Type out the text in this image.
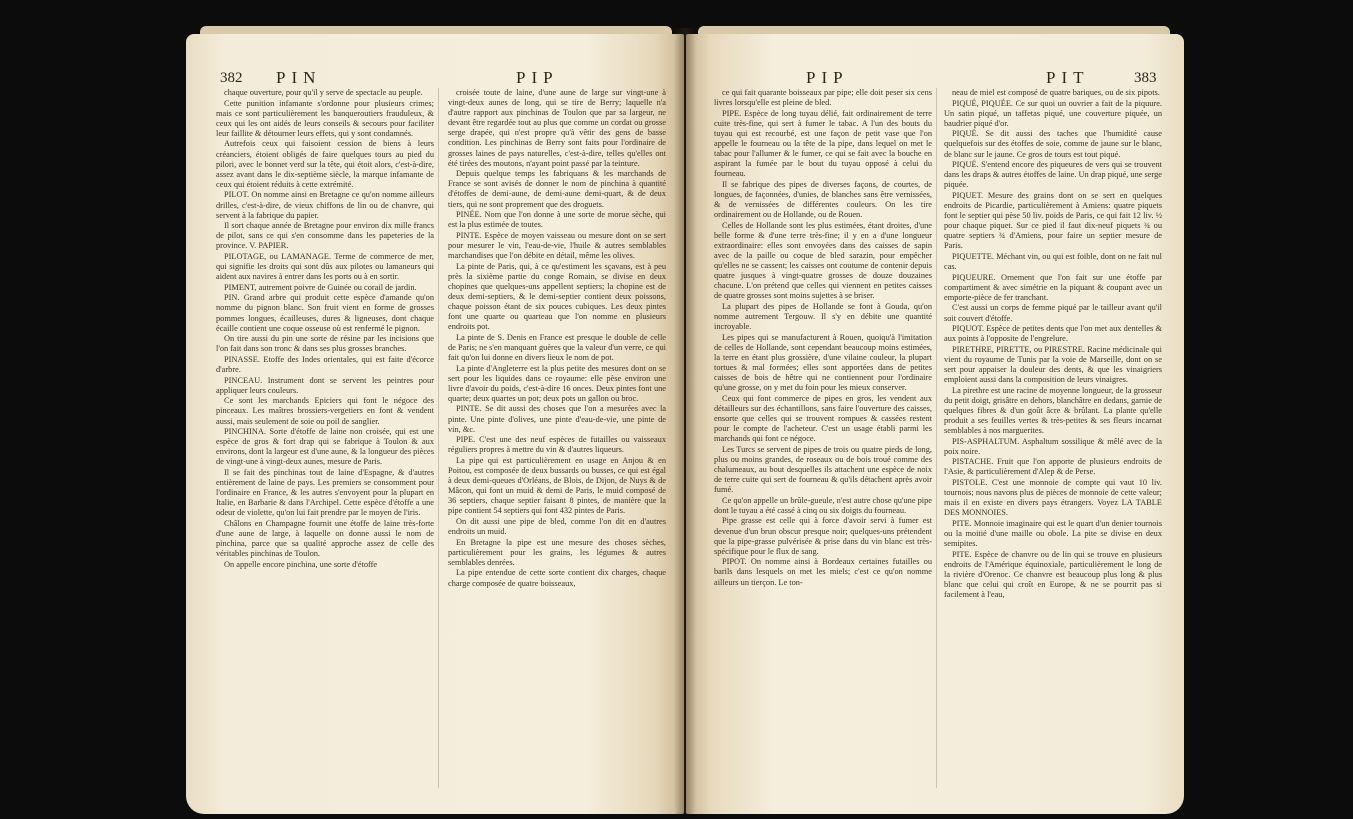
382 PIN	PIP

chaque ouverture, pour qu'il y serve de spectacle au peuple.

Cette punition infamante s'ordonne pour plusieurs crimes; mais ce sont particulièrement les banqueroutiers frauduleux, & ceux qui les ont aidés de leurs conseils & secours pour faciliter leur faillite & détourner leurs effets, qui y sont condamnés.

Autrefois ceux qui faisoient cession de biens à leurs créanciers, étoient obligés de faire quelques tours au pied du pilori, avec le bonnet verd sur la tête, qui étoit alors, c'est-à-dire, assez avant dans le dix-septième siècle, la marque infamante de ceux qui étoient réduits à cette extrémité.

PILOT. On nomme ainsi en Bretagne ce qu'on nomme ailleurs drilles, c'est-à-dire, de vieux chiffons de lin ou de chanvre, qui servent à la fabrique du papier.

Il sort chaque année de Bretagne pour environ dix mille francs de pilot, sans ce qui s'en consomme dans les papeteries de la province. V. PAPIER.

PILOTAGE, ou LAMANAGE. Terme de commerce de mer, qui signifie les droits qui sont dûs aux pilotes ou lamaneurs qui aident aux navires à entrer dans les ports ou à en sortir.

PIMENT, autrement poivre de Guinée ou corail de jardin.

PIN. Grand arbre qui produit cette espèce d'amande qu'on nomme du pignon blanc. Son fruit vient en forme de grosses pommes longues, écailleuses, dures & ligneuses, dont chaque écaille contient une coque osseuse où est renfermé le pignon.

On tire aussi du pin une sorte de résine par les incisions que l'on fait dans son tronc & dans ses plus grosses branches.

PINASSE. Etoffe des Indes orientales, qui est faite d'écorce d'arbre.

PINCEAU. Instrument dont se servent les peintres pour appliquer leurs couleurs.

Ce sont les marchands Epiciers qui font le négoce des pinceaux. Les maîtres brossiers-vergetiers en font & vendent aussi, mais seulement de soie ou poil de sanglier.

PINCHINA. Sorte d'étoffe de laine non croisée, qui est une espèce de gros & fort drap qui se fabrique à Toulon & aux environs, dont la largeur est d'une aune, & la longueur des pièces de vingt-une à vingt-deux aunes, mesure de Paris.

Il se fait des pinchinas tout de laine d'Espagne, & d'autres entièrement de laine de pays. Les premiers se consomment pour l'ordinaire en France, & les autres s'envoyent pour la plupart en Italie, en Barbarie & dans l'Archipel. Cette espèce d'étoffe a une odeur de violette, qu'on lui fait prendre par le moyen de l'iris.

Châlons en Champagne fournit une étoffe de laine très-forte d'une aune de large, à laquelle on donne aussi le nom de pinchina, parce que sa qualité approche assez de celle des véritables pinchinas de Toulon.

On appelle encore pinchina, une sorte d'étoffe

croisée toute de laine, d'une aune de large sur vingt-une à vingt-deux aunes de long, qui se tire de Berry; laquelle n'a d'autre rapport aux pinchinas de Toulon que par sa largeur, ne devant être regardée tout au plus que comme un cordat ou grosse serge drapée, qui n'est propre qu'à vêtir des gens de basse condition. Les pinchinas de Berry sont faits pour l'ordinaire de grosses laines de pays naturelles, c'est-à-dire, telles qu'elles ont été tirées des moutons, n'ayant point passé par la teinture.

Depuis quelque temps les fabriquans & les marchands de France se sont avisés de donner le nom de pinchina à quantité d'étoffes de demi-aune, de demi-aune demi-quart, & de deux tiers, qui ne sont proprement que des droguets.

PINÉE. Nom que l'on donne à une sorte de morue sèche, qui est la plus estimée de toutes.

PINTE. Espèce de moyen vaisseau ou mesure dont on se sert pour mesurer le vin, l'eau-de-vie, l'huile & autres semblables marchandises que l'on débite en détail, même les olives.

La pinte de Paris, qui, à ce qu'estiment les sçavans, est à peu près la sixième partie du conge Romain, se divise en deux chopines que quelques-uns appellent septiers; la chopine est de deux demi-septiers, & le demi-septier contient deux poissons, chaque poisson étant de six pouces cubiques. Les deux pintes font une quarte ou quarteau que l'on nomme en plusieurs endroits pot.

La pinte de S. Denis en France est presque le double de celle de Paris; ne s'en manquant guères que la valeur d'un verre, ce qui fait qu'on lui donne en divers lieux le nom de pot.

La pinte d'Angleterre est la plus petite des mesures dont on se sert pour les liquides dans ce royaume: elle pèse environ une livre d'avoir du poids, c'est-à-dire 16 onces. Deux pintes font une quarte; deux quartes un pot; deux pots un gallon ou broc.

PINTE. Se dit aussi des choses que l'on a mesurées avec la pinte. Une pinte d'olives, une pinte d'eau-de-vie, une pinte de vin, &c.

PIPE. C'est une des neuf espèces de futailles ou vaisseaux réguliers propres à mettre du vin & d'autres liqueurs.

La pipe qui est particulièrement en usage en Anjou & en Poitou, est composée de deux bussards ou busses, ce qui est égal à deux demi-queues d'Orléans, de Blois, de Dijon, de Nuys & de Mâcon, qui font un muid & demi de Paris, le muid composé de 36 septiers, chaque septier faisant 8 pintes, de manière que la pipe contient 54 septiers qui font 432 pintes de Paris.

On dit aussi une pipe de bled, comme l'on dit en d'autres endroits un muid.

En Bretagne la pipe est une mesure des choses sèches, particulièrement pour les grains, les légumes & autres semblables denrées.

La pipe entendue de cette sorte contient dix charges, chaque charge composée de quatre boisseaux,

PIP	PIT	383

ce qui fait quarante boisseaux par pipe; elle doit peser six cens livres lorsqu'elle est pleine de bled.

PIPE. Espèce de long tuyau délié, fait ordinairement de terre cuite très-fine, qui sert à fumer le tabac. A l'un des bouts du tuyau qui est recourbé, est une façon de petit vase que l'on appelle le fourneau ou la tête de la pipe, dans lequel on met le tabac pour l'allumer & le fumer, ce qui se fait avec la bouche en aspirant la fumée par le bout du tuyau opposé à celui du fourneau.

Il se fabrique des pipes de diverses façons, de courtes, de longues, de façonnées, d'unies, de blanches sans être vernissées, & de vernissées de différentes couleurs. On les tire ordinairement ou de Hollande, ou de Rouen.

Celles de Hollande sont les plus estimées, étant droites, d'une belle forme & d'une terre très-fine; il y en a d'une longueur extraordinaire: elles sont envoyées dans des caisses de sapin avec de la paille ou coque de bled sarazin, pour empêcher qu'elles ne se cassent; les caisses ont coutume de contenir depuis quatre jusques à vingt-quatre grosses de douze douzaines chacune. L'on prétend que celles qui viennent en petites caisses de quatre grosses sont moins sujettes à se briser.

La plupart des pipes de Hollande se font à Gouda, qu'on nomme autrement Tergouw. Il s'y en débite une quantité incroyable.

Les pipes qui se manufacturent à Rouen, quoiqu'à l'imitation de celles de Hollande, sont cependant beaucoup moins estimées, la terre en étant plus grossière, d'une vilaine couleur, la plupart tortues & mal formées; elles sont apportées dans de petites caisses de bois de hêtre qui ne contiennent pour l'ordinaire qu'une grosse, on y met du foin pour les mieux conserver.

Ceux qui font commerce de pipes en gros, les vendent aux détailleurs sur des échantillons, sans faire l'ouverture des caisses, ensorte que celles qui se trouvent rompues & cassées restent pour le compte de l'acheteur. C'est un usage établi parmi les marchands qui font ce négoce.

Les Turcs se servent de pipes de trois ou quatre pieds de long, plus ou moins grandes, de roseaux ou de bois troué comme des chalumeaux, au bout desquelles ils attachent une espèce de noix de terre cuite qui sert de fourneau & qu'ils détachent après avoir fumé.

Ce qu'on appelle un brûle-gueule, n'est autre chose qu'une pipe dont le tuyau a été cassé à cinq ou six doigts du fourneau.

Pipe grasse est celle qui à force d'avoir servi à fumer est devenue d'un brun obscur presque noir; quelques-uns prétendent que la pipe-grasse pulvérisée & prise dans du vin blanc est très-spécifique pour le flux de sang.

PIPOT. On nomme ainsi à Bordeaux certaines futailles ou barils dans lesquels on met les miels; c'est ce qu'on nomme ailleurs un tierçon. Le ton-

neau de miel est composé de quatre bariques, ou de six pipots.

PIQUÉ, PIQUÉE. Ce sur quoi un ouvrier a fait de la piquure. Un satin piqué, un taffetas piqué, une couverture piquée, un baudrier piqué d'or.

PIQUÉ. Se dit aussi des taches que l'humidité cause quelquefois sur des étoffes de soie, comme de jaune sur le blanc, de blanc sur le jaune. Ce gros de tours est tout piqué.

PIQUÉ. S'entend encore des piqueures de vers qui se trouvent dans les draps & autres étoffes de laine. Un drap piqué, une serge piquée.

PIQUET. Mesure des grains dont on se sert en quelques endroits de Picardie, particulièrement à Amiens: quatre piquets font le septier qui pèse 50 liv. poids de Paris, ce qui fait 12 liv. ½ pour chaque piquet. Sur ce pied il faut dix-neuf piquets ¾ ou quatre septiers ¾ d'Amiens, pour faire un septier mesure de Paris.

PIQUETTE. Méchant vin, ou qui est foible, dont on ne fait nul cas.

PIQUEURE. Ornement que l'on fait sur une étoffe par compartiment & avec simétrie en la piquant & coupant avec un emporte-pièce de fer tranchant.

C'est aussi un corps de femme piqué par le tailleur avant qu'il soit couvert d'étoffe.

PIQUOT. Espèce de petites dents que l'on met aux dentelles & aux points à l'opposite de l'engrelure.

PIRETHRE, PIRETTE, ou PIRESTRE. Racine médicinale qui vient du royaume de Tunis par la voie de Marseille, dont on se sert pour appaiser la douleur des dents, & que les vinaigriers emploient aussi dans la composition de leurs vinaigres.

La pirethre est une racine de moyenne longueur, de la grosseur du petit doigt, grisâtre en dehors, blanchâtre en dedans, garnie de quelques fibres & d'un goût âcre & brûlant. La plante qu'elle produit a ses feuilles vertes & très-petites & ses fleurs incarnat semblables à nos marguerites.

PIS-ASPHALTUM. Asphaltum sossilique & mêlé avec de la poix noire.

PISTACHE. Fruit que l'on apporte de plusieurs endroits de l'Asie, & particulièrement d'Alep & de Perse.

PISTOLE. C'est une monnoie de compte qui vaut 10 liv. tournois; nous navons plus de pièces de monnoie de cette valeur; mais il en existe en divers pays étrangers. Voyez LA TABLE DES MONNOIES.

PITE. Monnoie imaginaire qui est le quart d'un denier tournois ou la moitié d'une maille ou obole. La pite se divise en deux semipites.

PITE. Espèce de chanvre ou de lin qui se trouve en plusieurs endroits de l'Amérique équinoxiale, particulièrement le long de la rivière d'Orenoc. Ce chanvre est beaucoup plus long & plus blanc que celui qui croît en Europe, & ne se pourrit pas si facilement à l'eau,
